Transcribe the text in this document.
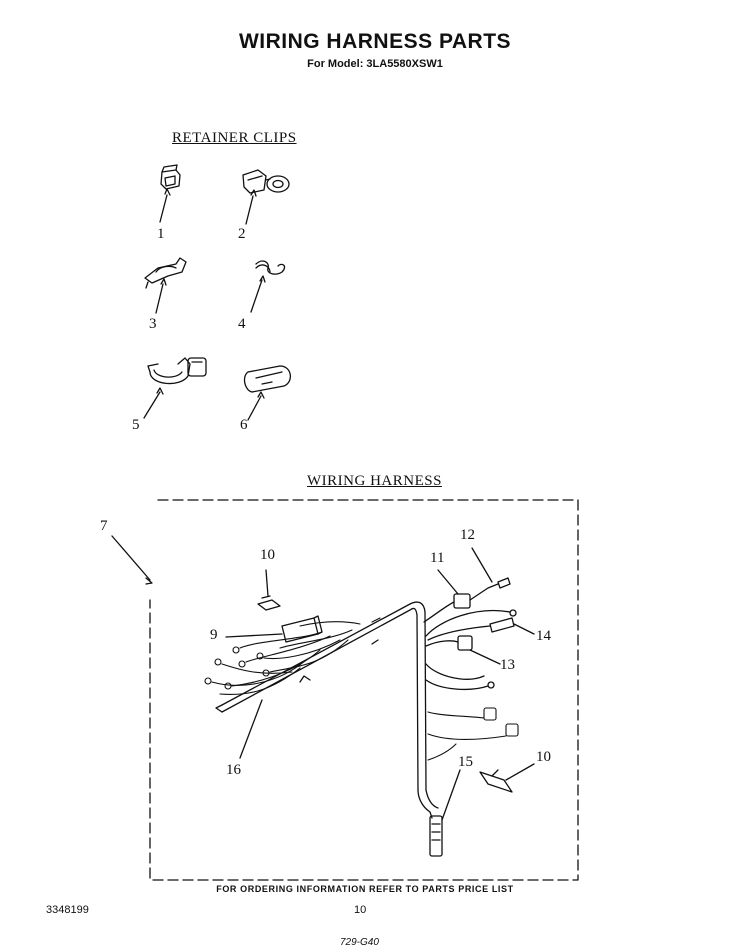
WIRING HARNESS PARTS
For Model: 3LA5580XSW1
RETAINER CLIPS
WIRING HARNESS
1	2
3	4
5	6
7
9
10	11
12
13
14
15
16
10
FOR ORDERING INFORMATION REFER TO PARTS PRICE LIST
3348199	10
729-G40
